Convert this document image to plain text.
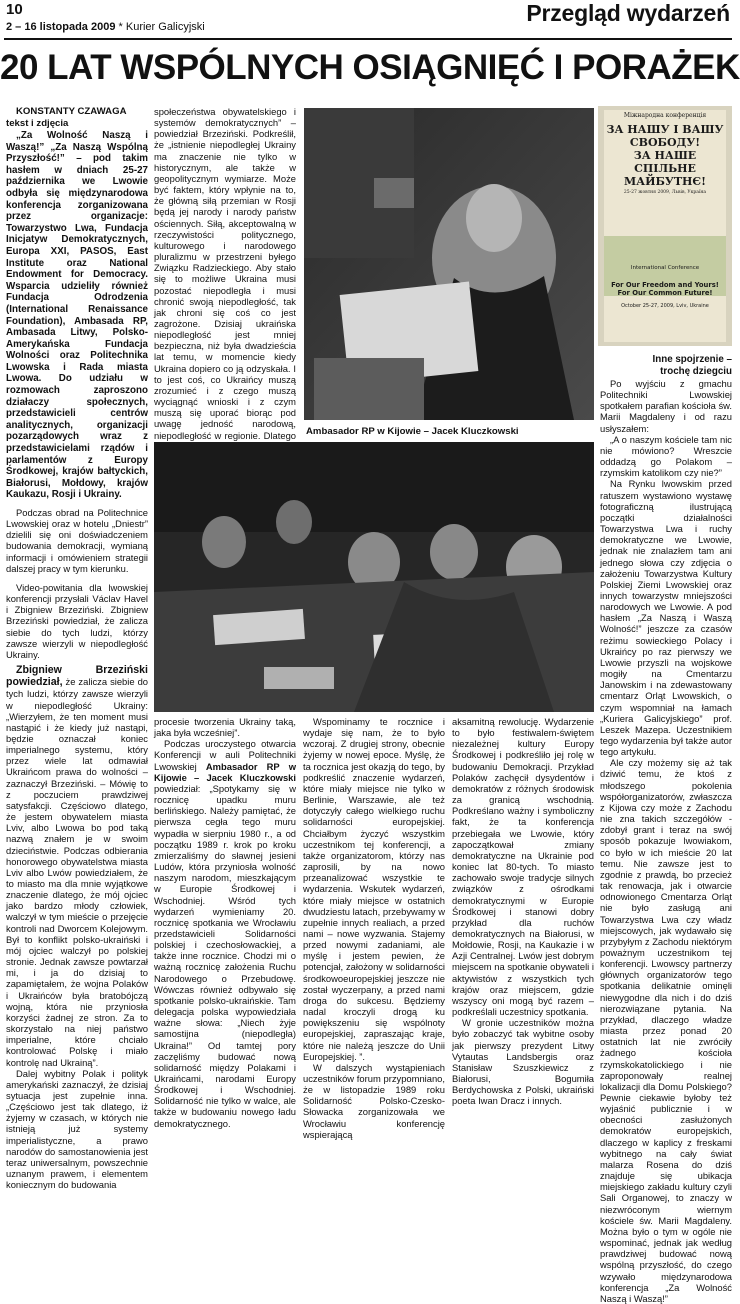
10
2 – 16 listopada 2009 * Kurier Galicyjski
Przegląd wydarzeń
20 LAT WSPÓLNYCH OSIĄGNIĘĆ I PORAŻEK

KONSTANTY CZAWAGA
tekst i zdjęcia

„Za Wolność Naszą i Waszą!” „Za Naszą Wspólną Przyszłość!” – pod takim hasłem w dniach 25-27 października we Lwowie odbyła się międzynarodowa konferencja zorganizowana przez organizacje: Towarzystwo Lwa, Fundacja Inicjatyw Demokratycznych, Europa XXI, PASOS, East Institute oraz National Endowment for Democracy. Wsparcia udzieliły również Fundacja Odrodzenia (International Renaissance Foundation), Ambasada RP, Ambasada Litwy, Polsko-Amerykańska Fundacja Wolności oraz Politechnika Lwowska i Rada miasta Lwowa. Do udziału w rozmowach zaproszono działaczy społecznych, przedstawicieli centrów analitycznych, organizacji pozarządowych wraz z przedstawicielami rządów i parlamentów z Europy Środkowej, krajów bałtyckich, Białorusi, Mołdowy, krajów Kaukazu, Rosji i Ukrainy.

Podczas obrad na Politechnice Lwowskiej oraz w hotelu „Dniestr” dzielili się oni doświadczeniem budowania demokracji, wymianą informacji i omówieniem strategii dalszej pracy w tym kierunku.

Video-powitania dla lwowskiej konferencji przysłali Václav Havel i Zbigniew Brzeziński. Zbigniew Brzeziński powiedział, że zalicza siebie do tych ludzi, którzy zawsze wierzyli w niepodległość Ukrainy.

Zbigniew Brzeziński powiedział, że zalicza siebie do tych ludzi, którzy zawsze wierzyli w niepodległość Ukrainy: „Wierzyłem, że ten moment musi nastąpić i że kiedy już nastąpi, będzie oznaczał koniec imperialnego systemu, który przez wiele lat odmawiał Ukraińcom prawa do wolności – zaznaczył Brzeziński. – Mówię to z poczuciem prawdziwej satysfakcji. Częściowo dlatego, że jestem obywatelem miasta Lviv, albo Lwowa bo pod taką nazwą znałem je w swoim dzieciństwie. Podczas odbierania honorowego obywatelstwa miasta Lviv albo Lwów powiedziałem, że to miasto ma dla mnie wyjątkowe znaczenie dlatego, że mój ojciec jako bardzo młody człowiek, walczył w tym mieście o przejęcie kontroli nad Dworcem Kolejowym. Był to konflikt polsko-ukraiński i mój ojciec walczył po polskiej stronie. Jednak zawsze powtarzał mi, i ja do dzisiaj to zapamiętałem, że wojna Polaków i Ukraińców była bratobójczą wojną, która nie przyniosła korzyści żadnej ze stron. Za to skorzystało na niej państwo imperialne, które chciało kontrolować Polskę i miało kontrolę nad Ukrainą”.

Dalej wybitny Polak i polityk amerykański zaznaczył, że dzisiaj sytuacja jest zupełnie inna. „Częściowo jest tak dlatego, iż żyjemy w czasach, w których nie istnieją już systemy imperialistyczne, a prawo narodów do samostanowienia jest teraz uniwersalnym, powszechnie uznanym prawem, i elementem koniecznym do budowania

społeczeństwa obywatelskiego i systemów demokratycznych” – powiedział Brzeziński. Podkreślił, że „istnienie niepodległej Ukrainy ma znaczenie nie tylko w historycznym, ale także w geopolitycznym wymiarze. Może być faktem, który wpłynie na to, że główną siłą przemian w Rosji będą jej narody i narody państw ościennych. Siłą, akceptowalną w rzeczywistości politycznego, kulturowego i narodowego pluralizmu w przestrzeni byłego Związku Radzieckiego. Aby stało się to możliwe Ukraina musi pozostać niepodległa i musi chronić swoją niepodległość, tak jak chroni się coś co jest zagrożone. Dzisiaj ukraińska niepodległość jest mniej bezpieczna, niż była dwadzieścia lat temu, w momencie kiedy Ukraina dopiero co ją odzyskała. I to jest coś, co Ukraińcy muszą zrozumieć i z czego muszą wyciągnąć wnioski i z czym muszą się uporać biorąc pod uwagę jedność narodową, niepodległość w regionie. Dlatego Ambasador RP w Kijowie – Jacek Kluczkowski
Міжнародна конференція
ЗА НАШУ І ВАШУ
СВОБОДУ!
ЗА НАШЕ СПІЛЬНЕ
МАЙБУТНЄ!
25-27 жовтня 2009, Львів, Україна
International Conference
For Our Freedom and Yours!
For Our Common Future!
October 25-27, 2009, Lviv, Ukraine

procesie tworzenia Ukrainy taką, jaka była wcześniej”.

Podczas uroczystego otwarcia Konferencji w auli Politechniki Lwowskiej Ambasador RP w Kijowie – Jacek Kluczkowski powiedział: „Spotykamy się w rocznicę upadku muru berlińskiego. Należy pamiętać, że pierwsza cegła tego muru wypadła w sierpniu 1980 r., a od początku 1989 r. krok po kroku zmierzaliśmy do sławnej jesieni Ludów, która przyniosła wolność naszym narodom, mieszkającym w Europie Środkowej i Wschodniej. Wśród tych wydarzeń wymieniamy 20. rocznicę spotkania we Wrocławiu przedstawicieli Solidarności polskiej i czechosłowackiej, a także inne rocznice. Chodzi mi o ważną rocznicę założenia Ruchu Narodowego o Przebudowę. Wówczas również odbywało się spotkanie polsko-ukraińskie. Tam delegacja polska wypowiedziała ważne słowa: „Niech żyje samostijna (niepodległa) Ukraina!” Od tamtej pory zaczęliśmy budować nową solidarność między Polakami i Ukraińcami, narodami Europy Środkowej i Wschodniej. Solidarność nie tylko w walce, ale także w budowaniu nowego ładu demokratycznego.

Wspominamy te rocznice i wydaje się nam, że to było wczoraj. Z drugiej strony, obecnie żyjemy w nowej epoce. Myślę, że ta rocznica jest okazją do tego, by podkreślić znaczenie wydarzeń, które miały miejsce nie tylko w Berlinie, Warszawie, ale też dotyczyły całego wielkiego ruchu solidarności europejskiej. Chciałbym życzyć wszystkim uczestnikom tej konferencji, a także organizatorom, którzy nas zaprosili, by na nowo przeanalizować wszystkie te wydarzenia. Wskutek wydarzeń, które miały miejsce w ostatnich dwudziestu latach, przebywamy w zupełnie innych realiach, a przed nami – nowe wyzwania. Stajemy przed nowymi zadaniami, ale myślę i jestem pewien, że potencjał, założony w solidarności środkowoeuropejskiej jeszcze nie został wyczerpany, a przed nami droga do sukcesu. Będziemy nadal kroczyli drogą ku powiększeniu się wspólnoty europejskiej, zapraszając kraje, które nie należą jeszcze do Unii Europejskiej. ”.

W dalszych wystąpieniach uczestników forum przypomniano, że w listopadzie 1989 roku Solidarność Polsko-Czesko-Słowacka zorganizowała we Wrocławiu konferencję wspierającą

aksamitną rewolucję. Wydarzenie to było festiwalem-świętem niezależnej kultury Europy Środkowej i podkreśliło jej rolę w budowaniu Demokracji. Przykład Polaków zachęcił dysydentów i demokratów z różnych środowisk za granicą wschodnią. Podkreślano ważny i symboliczny fakt, że ta konferencja przebiegała we Lwowie, który zapoczątkował zmiany demokratyczne na Ukrainie pod koniec lat 80-tych. To miasto zachowało swoje tradycje silnych związków z ośrodkami demokratycznymi w Europie Środkowej i stanowi dobry przykład dla ruchów demokratycznych na Białorusi, w Mołdowie, Rosji, na Kaukazie i w Azji Centralnej. Lwów jest dobrym miejscem na spotkanie obywateli i aktywistów z wszystkich tych krajów oraz miejscem, gdzie wszyscy oni mogą być razem – podkreślali uczestnicy spotkania.

W gronie uczestników można było zobaczyć tak wybitne osoby jak pierwszy prezydent Litwy Vytautas Landsbergis oraz Stanisław Szuszkiewicz z Białorusi, Bogumiła Berdychowska z Polski, ukraiński poeta Iwan Dracz i innych.

Inne spojrzenie –
trochę dziegciu

Po wyjściu z gmachu Politechniki Lwowskiej spotkałem parafian kościoła św. Marii Magdaleny i od razu usłyszałem:

„A o naszym kościele tam nic nie mówiono? Wreszcie oddadzą go Polakom – rzymskim katolikom czy nie?”

Na Rynku lwowskim przed ratuszem wystawiono wystawę fotograficzną ilustrującą początki działalności Towarzystwa Lwa i ruchy demokratyczne we Lwowie, jednak nie znalazłem tam ani jednego słowa czy zdjęcia o założeniu Towarzystwa Kultury Polskiej Ziemi Lwowskiej oraz innych towarzystw mniejszości narodowych we Lwowie. A pod hasłem „Za Naszą i Waszą Wolność!” jeszcze za czasów reżimu sowieckiego Polacy i Ukraińcy po raz pierwszy we Lwowie przyszli na wojskowe mogiły na Cmentarzu Janowskim i na zdewastowany cmentarz Orląt Lwowskich, o czym wspomniał na łamach „Kuriera Galicyjskiego” prof. Leszek Mazepa. Uczestnikiem tego wydarzenia był także autor tego artykułu.

Ale czy możemy się aż tak dziwić temu, że ktoś z młodszego pokolenia współorganizatorów, zwłaszcza z Kijowa czy może z Zachodu nie zna takich szczegółów - zdobył grant i teraz na swój sposób pokazuje lwowiakom, co było w ich mieście 20 lat temu. Nie zawsze jest to zgodnie z prawdą, bo przecież tak renowacja, jak i otwarcie odnowionego Cmentarza Orląt nie było zasługą ani Towarzystwa Lwa czy władz miejscowych, jak wydawało się przybyłym z Zachodu niektórym poważnym uczestnikom tej konferencji. Lwowscy partnerzy głównych organizatorów tego spotkania delikatnie ominęli niewygodne dla nich i do dziś nierozwiązane pytania. Na przykład, dlaczego władze miasta przez ponad 20 ostatnich lat nie zwróciły żadnego kościoła rzymskokatolickiego i nie zaproponowały realnej lokalizacji dla Domu Polskiego? Pewnie ciekawie byłoby też wyjaśnić publicznie i w obecności zasłużonych demokratów europejskich, dlaczego w kaplicy z freskami wybitnego na cały świat malarza Rosena do dziś znajduje się ubikacja miejskiego zakładu kultury czyli Sali Organowej, to znaczy w niezwróconym wiernym kościele św. Marii Magdaleny. Można było o tym w ogóle nie wspominać, jednak jak według prawdziwej budować nową wspólną przyszłość, do czego wzywało międzynarodowa konferencja „Za Wolność Naszą i Waszą!”
